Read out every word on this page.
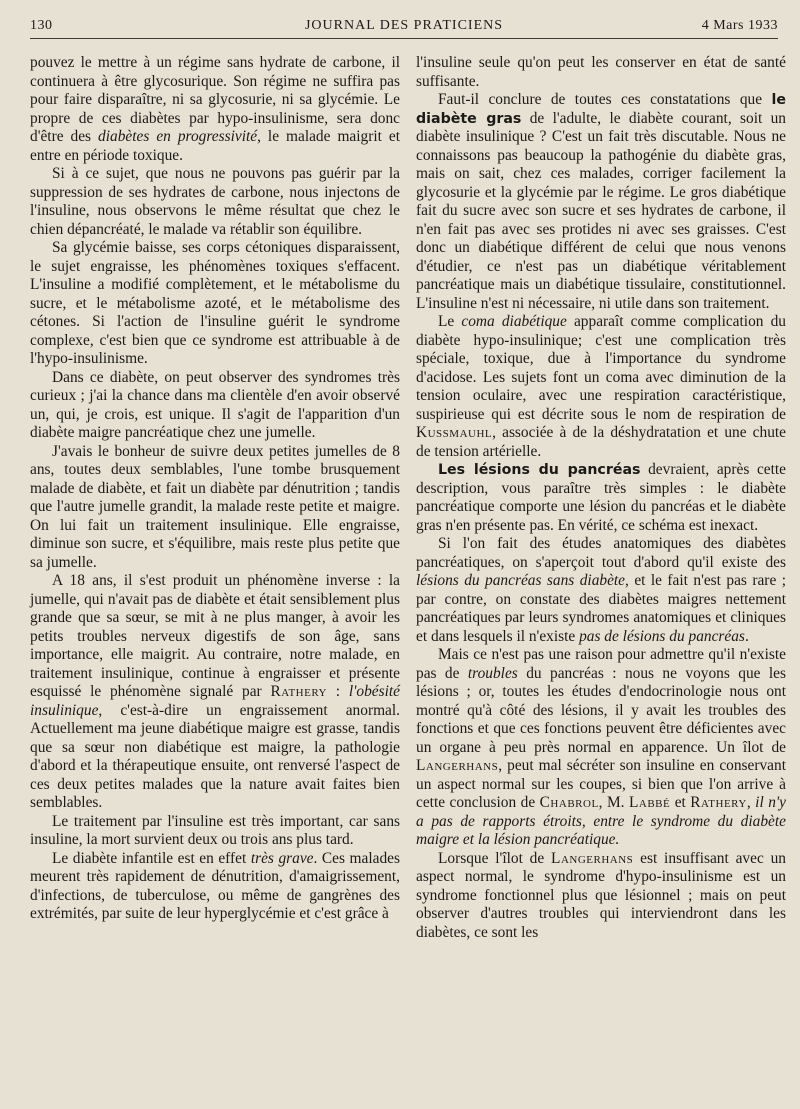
130	JOURNAL DES PRATICIENS	4 Mars 1933

pouvez le mettre à un régime sans hydrate de carbone, il continuera à être glycosurique. Son régime ne suffira pas pour faire disparaître, ni sa glycosurie, ni sa glycémie. Le propre de ces diabètes par hypo-insulinisme, sera donc d'être des diabètes en progressivité, le malade maigrit et entre en période toxique.

Si à ce sujet, que nous ne pouvons pas guérir par la suppression de ses hydrates de carbone, nous injectons de l'insuline, nous observons le même résultat que chez le chien dépancréaté, le malade va rétablir son équilibre.

Sa glycémie baisse, ses corps cétoniques disparaissent, le sujet engraisse, les phénomènes toxiques s'effacent. L'insuline a modifié complètement, et le métabolisme du sucre, et le métabolisme azoté, et le métabolisme des cétones. Si l'action de l'insuline guérit le syndrome complexe, c'est bien que ce syndrome est attribuable à de l'hypo-insulinisme.

Dans ce diabète, on peut observer des syndromes très curieux ; j'ai la chance dans ma clientèle d'en avoir observé un, qui, je crois, est unique. Il s'agit de l'apparition d'un diabète maigre pancréatique chez une jumelle.

J'avais le bonheur de suivre deux petites jumelles de 8 ans, toutes deux semblables, l'une tombe brusquement malade de diabète, et fait un diabète par dénutrition ; tandis que l'autre jumelle grandit, la malade reste petite et maigre. On lui fait un traitement insulinique. Elle engraisse, diminue son sucre, et s'équilibre, mais reste plus petite que sa jumelle.

A 18 ans, il s'est produit un phénomène inverse : la jumelle, qui n'avait pas de diabète et était sensiblement plus grande que sa sœur, se mit à ne plus manger, à avoir les petits troubles nerveux digestifs de son âge, sans importance, elle maigrit. Au contraire, notre malade, en traitement insulinique, continue à engraisser et présente esquissé le phénomène signalé par Rathery : l'obésité insulinique, c'est-à-dire un engraissement anormal. Actuellement ma jeune diabétique maigre est grasse, tandis que sa sœur non diabétique est maigre, la pathologie d'abord et la thérapeutique ensuite, ont renversé l'aspect de ces deux petites malades que la nature avait faites bien semblables.

Le traitement par l'insuline est très important, car sans insuline, la mort survient deux ou trois ans plus tard.

Le diabète infantile est en effet très grave. Ces malades meurent très rapidement de dénutrition, d'amaigrissement, d'infections, de tuberculose, ou même de gangrènes des extrémités, par suite de leur hyperglycémie et c'est grâce à

l'insuline seule qu'on peut les conserver en état de santé suffisante.

Faut-il conclure de toutes ces constatations que le diabète gras de l'adulte, le diabète courant, soit un diabète insulinique ? C'est un fait très discutable. Nous ne connaissons pas beaucoup la pathogénie du diabète gras, mais on sait, chez ces malades, corriger facilement la glycosurie et la glycémie par le régime. Le gros diabétique fait du sucre avec son sucre et ses hydrates de carbone, il n'en fait pas avec ses protides ni avec ses graisses. C'est donc un diabétique différent de celui que nous venons d'étudier, ce n'est pas un diabétique véritablement pancréatique mais un diabétique tissulaire, constitutionnel. L'insuline n'est ni nécessaire, ni utile dans son traitement.

Le coma diabétique apparaît comme complication du diabète hypo-insulinique; c'est une complication très spéciale, toxique, due à l'importance du syndrome d'acidose. Les sujets font un coma avec diminution de la tension oculaire, avec une respiration caractéristique, suspirieuse qui est décrite sous le nom de respiration de Kussmauhl, associée à de la déshydratation et une chute de tension artérielle.

Les lésions du pancréas devraient, après cette description, vous paraître très simples : le diabète pancréatique comporte une lésion du pancréas et le diabète gras n'en présente pas. En vérité, ce schéma est inexact.

Si l'on fait des études anatomiques des diabètes pancréatiques, on s'aperçoit tout d'abord qu'il existe des lésions du pancréas sans diabète, et le fait n'est pas rare ; par contre, on constate des diabètes maigres nettement pancréatiques par leurs syndromes anatomiques et cliniques et dans lesquels il n'existe pas de lésions du pancréas.

Mais ce n'est pas une raison pour admettre qu'il n'existe pas de troubles du pancréas : nous ne voyons que les lésions ; or, toutes les études d'endocrinologie nous ont montré qu'à côté des lésions, il y avait les troubles des fonctions et que ces fonctions peuvent être déficientes avec un organe à peu près normal en apparence. Un îlot de Langerhans, peut mal sécréter son insuline en conservant un aspect normal sur les coupes, si bien que l'on arrive à cette conclusion de Chabrol, M. Labbé et Rathery, il n'y a pas de rapports étroits, entre le syndrome du diabète maigre et la lésion pancréatique.

Lorsque l'îlot de Langerhans est insuffisant avec un aspect normal, le syndrome d'hypo-insulinisme est un syndrome fonctionnel plus que lésionnel ; mais on peut observer d'autres troubles qui interviendront dans les diabètes, ce sont les
